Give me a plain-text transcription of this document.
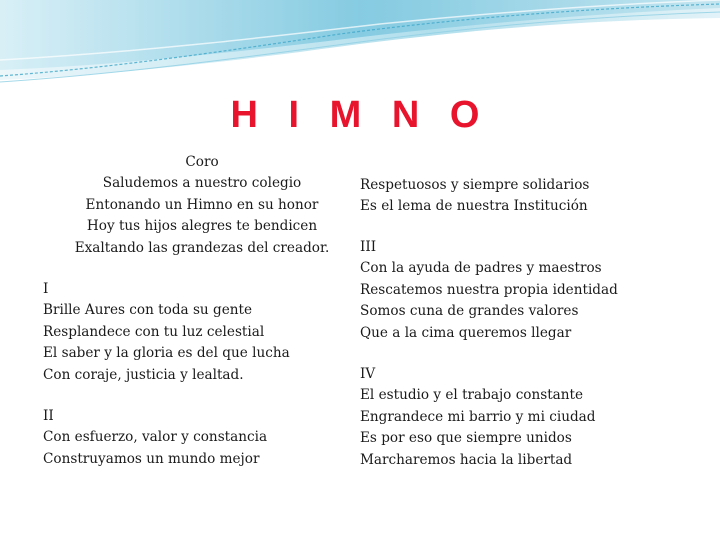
H I M N O
Coro
Saludemos a nuestro colegio
Entonando un Himno en su honor
Hoy tus hijos alegres te bendicen
Exaltando las grandezas del creador.
I
Brille Aures con toda su gente
Resplandece con tu luz celestial
El saber y la gloria es del que lucha
Con coraje, justicia y lealtad.
II
Con esfuerzo, valor y constancia
Construyamos un mundo mejor
Respetuosos y siempre solidarios
Es el lema de nuestra Institución
III
Con la ayuda de padres y maestros
Rescatemos nuestra propia identidad
Somos cuna de grandes valores
Que a la cima queremos llegar
IV
El estudio y el trabajo constante
Engrandece mi barrio y mi ciudad
Es por eso que siempre unidos
Marcharemos hacia la libertad
